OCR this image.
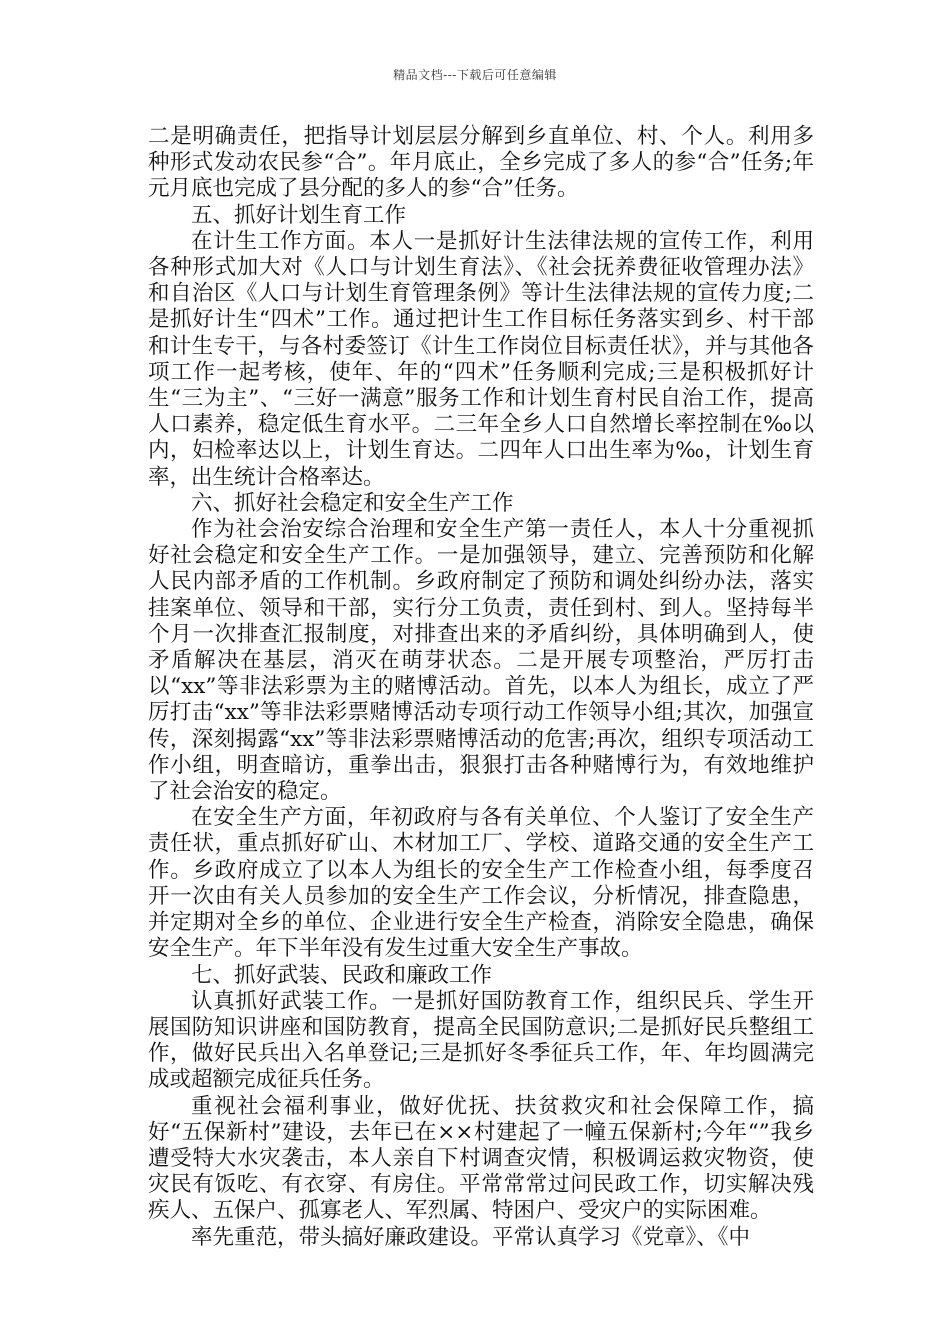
精品文档---下载后可任意编辑

二是明确责任，把指导计划层层分解到乡直单位、村、个人。利用多种形式发动农民参“合”。年月底止，全乡完成了多人的参“合”任务;年元月底也完成了县分配的多人的参“合”任务。

五、抓好计划生育工作

在计生工作方面。本人一是抓好计生法律法规的宣传工作，利用各种形式加大对《人口与计划生育法》、《社会抚养费征收管理办法》和自治区《人口与计划生育管理条例》等计生法律法规的宣传力度;二是抓好计生“四术”工作。通过把计生工作目标任务落实到乡、村干部和计生专干，与各村委签订《计生工作岗位目标责任状》，并与其他各项工作一起考核，使年、年的“四术”任务顺利完成;三是积极抓好计生“三为主”、“三好一满意”服务工作和计划生育村民自治工作，提高人口素养，稳定低生育水平。二三年全乡人口自然增长率控制在‰以内，妇检率达以上，计划生育达。二四年人口出生率为‰，计划生育率，出生统计合格率达。

六、抓好社会稳定和安全生产工作

作为社会治安综合治理和安全生产第一责任人，本人十分重视抓好社会稳定和安全生产工作。一是加强领导，建立、完善预防和化解人民内部矛盾的工作机制。乡政府制定了预防和调处纠纷办法，落实挂案单位、领导和干部，实行分工负责，责任到村、到人。坚持每半个月一次排查汇报制度，对排查出来的矛盾纠纷，具体明确到人，使矛盾解决在基层，消灭在萌芽状态。二是开展专项整治，严厉打击以“xx”等非法彩票为主的赌博活动。首先，以本人为组长，成立了严厉打击“xx”等非法彩票赌博活动专项行动工作领导小组;其次，加强宣传，深刻揭露“xx”等非法彩票赌博活动的危害;再次，组织专项活动工作小组，明查暗访，重拳出击，狠狠打击各种赌博行为，有效地维护了社会治安的稳定。

在安全生产方面，年初政府与各有关单位、个人鉴订了安全生产责任状，重点抓好矿山、木材加工厂、学校、道路交通的安全生产工作。乡政府成立了以本人为组长的安全生产工作检查小组，每季度召开一次由有关人员参加的安全生产工作会议，分析情况，排查隐患，并定期对全乡的单位、企业进行安全生产检查，消除安全隐患，确保安全生产。年下半年没有发生过重大安全生产事故。

七、抓好武装、民政和廉政工作

认真抓好武装工作。一是抓好国防教育工作，组织民兵、学生开展国防知识讲座和国防教育，提高全民国防意识;二是抓好民兵整组工作，做好民兵出入名单登记;三是抓好冬季征兵工作，年、年均圆满完成或超额完成征兵任务。

重视社会福利事业，做好优抚、扶贫救灾和社会保障工作，搞好“五保新村”建设，去年已在××村建起了一幢五保新村;今年“”我乡遭受特大水灾袭击，本人亲自下村调查灾情，积极调运救灾物资，使灾民有饭吃、有衣穿、有房住。平常常常过问民政工作，切实解决残疾人、五保户、孤寡老人、军烈属、特困户、受灾户的实际困难。

率先重范，带头搞好廉政建设。平常认真学习《党章》、《中
